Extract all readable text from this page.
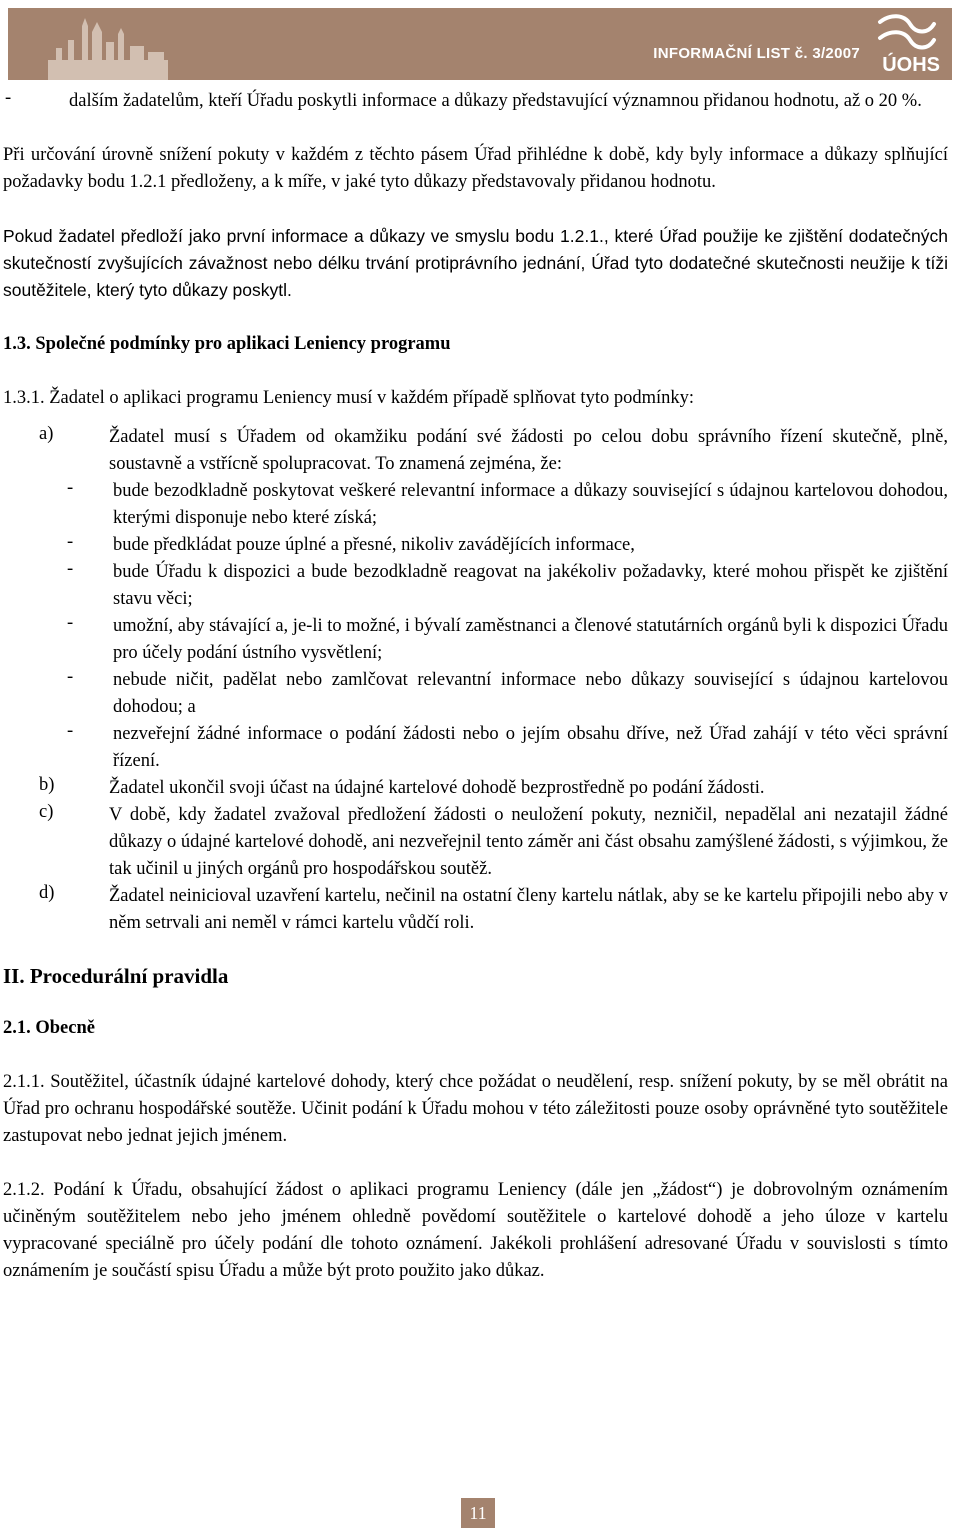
INFORMAČNÍ LIST č. 3/2007
ÚOHS
-	dalším žadatelům, kteří Úřadu poskytli informace a důkazy představující významnou přidanou hodnotu, až o 20 %.

Při určování úrovně snížení pokuty v každém z těchto pásem Úřad přihlédne k době, kdy byly informace a důkazy splňující požadavky bodu 1.2.1 předloženy, a k míře, v jaké tyto důkazy představovaly přidanou hodnotu.

Pokud žadatel předloží jako první informace a důkazy ve smyslu bodu 1.2.1., které Úřad použije ke zjištění dodatečných skutečností zvyšujících závažnost nebo délku trvání protiprávního jednání, Úřad tyto dodatečné skutečnosti neužije k tíži soutěžitele, který tyto důkazy poskytl.

1.3. Společné podmínky pro aplikaci Leniency programu

1.3.1. Žadatel o aplikaci programu Leniency musí v každém případě splňovat tyto podmínky:

a)	Žadatel musí s Úřadem od okamžiku podání své žádosti po celou dobu správního řízení skutečně, plně, soustavně a vstřícně spolupracovat. To znamená zejména, že:
-	bude bezodkladně poskytovat veškeré relevantní informace a důkazy související s údajnou kartelovou dohodou, kterými disponuje nebo které získá;
-	bude předkládat pouze úplné a přesné, nikoliv zavádějících informace,
-	bude Úřadu k dispozici a bude bezodkladně reagovat na jakékoliv požadavky, které mohou přispět ke zjištění stavu věci;
-	umožní, aby stávající a, je-li to možné, i bývalí zaměstnanci a členové statutárních orgánů byli k dispozici Úřadu pro účely podání ústního vysvětlení;
-	nebude ničit, padělat nebo zamlčovat relevantní informace nebo důkazy související s údajnou kartelovou dohodou; a
-	nezveřejní žádné informace o podání žádosti nebo o jejím obsahu dříve, než Úřad zahájí v této věci správní řízení.
b)	Žadatel ukončil svoji účast na údajné kartelové dohodě bezprostředně po podání žádosti.
c)	V době, kdy žadatel zvažoval předložení žádosti o neuložení pokuty, nezničil, nepadělal ani nezatajil žádné důkazy o údajné kartelové dohodě, ani nezveřejnil tento záměr ani část obsahu zamýšlené žádosti, s výjimkou, že tak učinil u jiných orgánů pro hospodářskou soutěž.
d)	Žadatel neinicioval uzavření kartelu, nečinil na ostatní členy kartelu nátlak, aby se ke kartelu připojili nebo aby v něm setrvali ani neměl v rámci kartelu vůdčí roli.
II. Procedurální pravidla
2.1. Obecně

2.1.1. Soutěžitel, účastník údajné kartelové dohody, který chce požádat o neudělení, resp. snížení pokuty, by se měl obrátit na Úřad pro ochranu hospodářské soutěže. Učinit podání k Úřadu mohou v této záležitosti pouze osoby oprávněné tyto soutěžitele zastupovat nebo jednat jejich jménem.

2.1.2. Podání k Úřadu, obsahující žádost o aplikaci programu Leniency (dále jen „žádost“) je dobrovolným oznámením učiněným soutěžitelem nebo jeho jménem ohledně povědomí soutěžitele o kartelové dohodě a jeho úloze v kartelu vypracované speciálně pro účely podání dle tohoto oznámení. Jakékoli prohlášení adresované Úřadu v souvislosti s tímto oznámením je součástí spisu Úřadu a může být proto použito jako důkaz.

11
